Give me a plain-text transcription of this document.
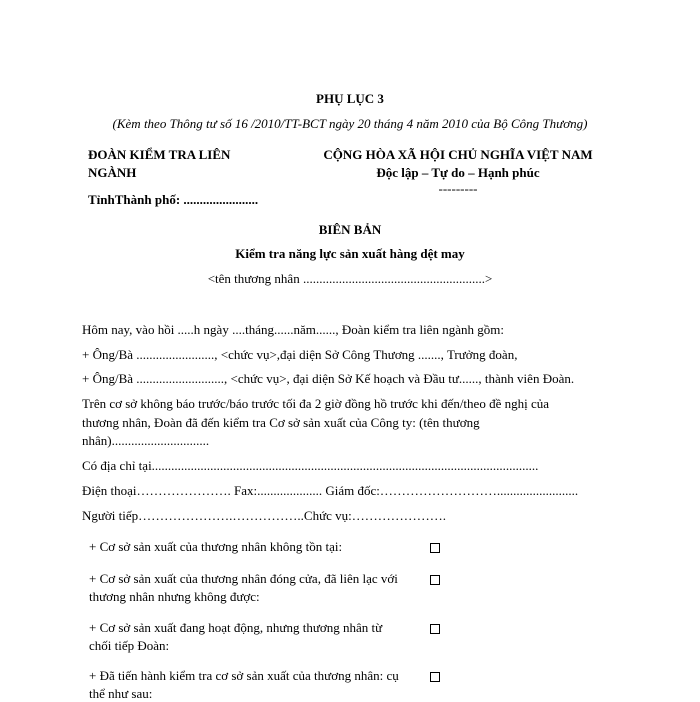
PHỤ LỤC 3
(Kèm theo Thông tư số 16 /2010/TT-BCT ngày 20 tháng 4 năm 2010 của Bộ Công Thương)
ĐOÀN KIỂM TRA LIÊN
NGÀNH
TỉnhThành phố: .......................
CỘNG HÒA XÃ HỘI CHỦ NGHĨA VIỆT NAM
Độc lập – Tự do – Hạnh phúc
---------
BIÊN BẢN
Kiểm tra năng lực sản xuất hàng dệt may
<tên thương nhân ........................................................>
Hôm nay, vào hồi .....h ngày ....tháng......năm......, Đoàn kiểm tra liên ngành gồm:
+ Ông/Bà ........................, <chức vụ>,đại diện Sở Công Thương ......., Trưởng đoàn,
+ Ông/Bà ..........................., <chức vụ>, đại diện Sở Kế hoạch và Đầu tư......, thành viên Đoàn.
Trên cơ sở không báo trước/báo trước tối đa 2 giờ đồng hồ trước khi đến/theo đề nghị của
thương nhân, Đoàn đã đến kiểm tra Cơ sở sản xuất của Công ty: (tên thương
nhân)..............................
Có địa chỉ tại.......................................................................................................................
Điện thoại…………………. Fax:.................... Giám đốc:……………………….........................
Người tiếp………………….……………..Chức vụ:………………….
+ Cơ sở sản xuất của thương nhân không tồn tại:
+ Cơ sở sản xuất của thương nhân đóng cửa, đã liên lạc với
thương nhân nhưng không được:
+ Cơ sở sản xuất đang hoạt động, nhưng thương nhân từ
chối tiếp Đoàn:
+ Đã tiến hành kiểm tra cơ sở sản xuất của thương nhân: cụ
thể như sau:
